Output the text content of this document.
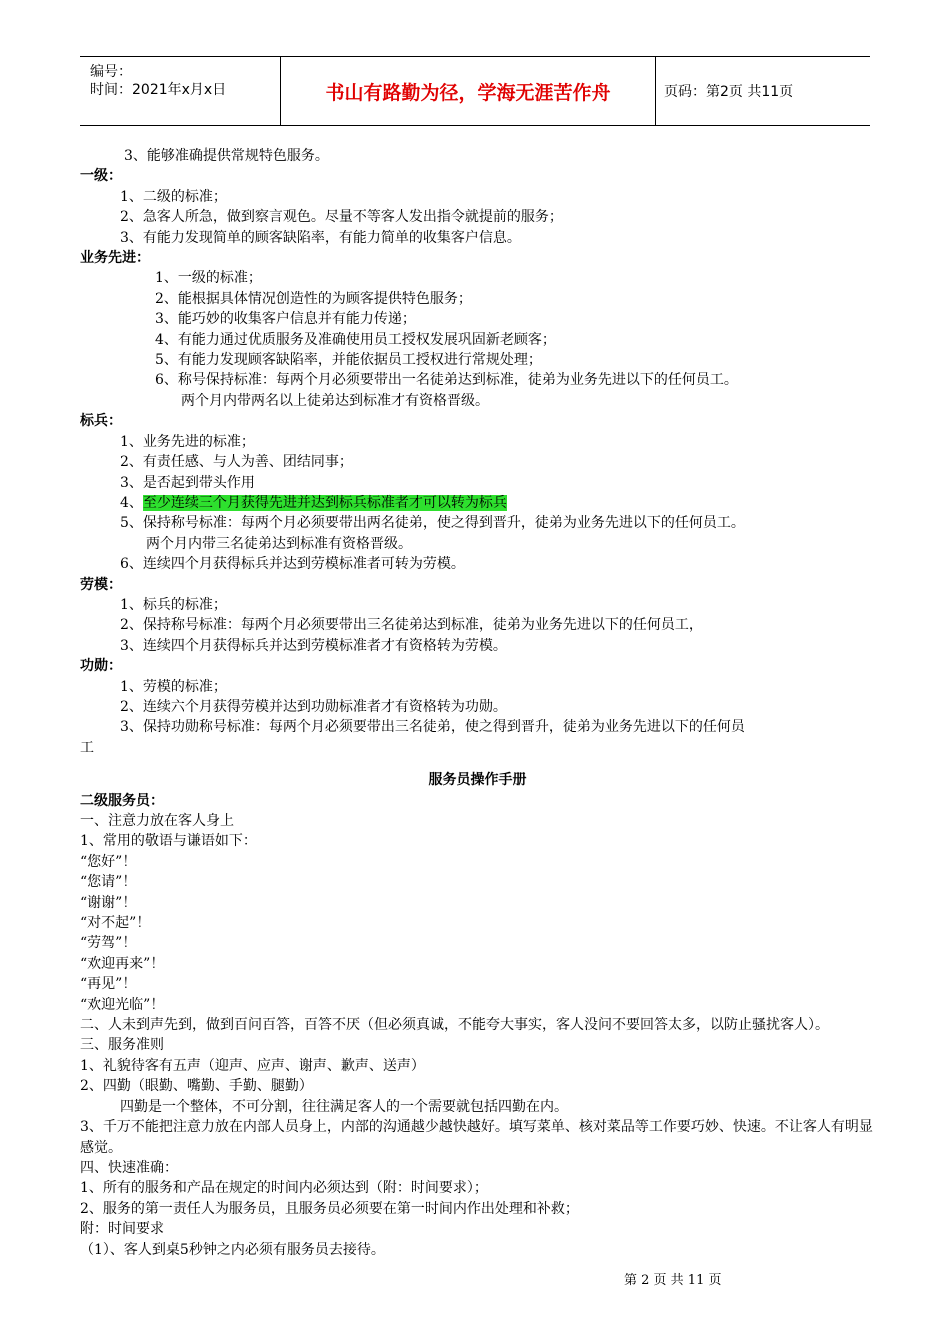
编号：
时间：2021年x月x日	书山有路勤为径，学海无涯苦作舟	页码：第2页 共11页

3、能够准确提供常规特色服务。

一级：

1、二级的标准；

2、急客人所急，做到察言观色。尽量不等客人发出指令就提前的服务；

3、有能力发现简单的顾客缺陷率，有能力简单的收集客户信息。

业务先进：

1、一级的标准；

2、能根据具体情况创造性的为顾客提供特色服务；

3、能巧妙的收集客户信息并有能力传递；

4、有能力通过优质服务及准确使用员工授权发展巩固新老顾客；

5、有能力发现顾客缺陷率，并能依据员工授权进行常规处理；

6、称号保持标准：每两个月必须要带出一名徒弟达到标准，徒弟为业务先进以下的任何员工。

两个月内带两名以上徒弟达到标准才有资格晋级。

标兵：

1、业务先进的标准；

2、有责任感、与人为善、团结同事；

3、是否起到带头作用

4、至少连续三个月获得先进并达到标兵标准者才可以转为标兵

5、保持称号标准：每两个月必须要带出两名徒弟，使之得到晋升，徒弟为业务先进以下的任何员工。

两个月内带三名徒弟达到标准有资格晋级。

6、连续四个月获得标兵并达到劳模标准者可转为劳模。

劳模：

1、标兵的标准；

2、保持称号标准：每两个月必须要带出三名徒弟达到标准，徒弟为业务先进以下的任何员工，

3、连续四个月获得标兵并达到劳模标准者才有资格转为劳模。

功勋：

1、劳模的标准；

2、连续六个月获得劳模并达到功勋标准者才有资格转为功勋。

3、保持功勋称号标准：每两个月必须要带出三名徒弟，使之得到晋升，徒弟为业务先进以下的任何员

工

服务员操作手册

二级服务员：

一、注意力放在客人身上

1、常用的敬语与谦语如下：

“您好”！

“您请”！

“谢谢”！

“对不起”！

“劳驾”！

“欢迎再来”！

“再见”！

“欢迎光临”！

二、人未到声先到，做到百问百答，百答不厌（但必须真诚，不能夸大事实，客人没问不要回答太多，以防止骚扰客人）。

三、服务准则

1、礼貌待客有五声（迎声、应声、谢声、歉声、送声）

2、四勤（眼勤、嘴勤、手勤、腿勤）

四勤是一个整体，不可分割，往往满足客人的一个需要就包括四勤在内。

3、千万不能把注意力放在内部人员身上，内部的沟通越少越快越好。填写菜单、核对菜品等工作要巧妙、快速。不让客人有明显感觉。

四、快速准确：

1、所有的服务和产品在规定的时间内必须达到（附：时间要求）；

2、服务的第一责任人为服务员，且服务员必须要在第一时间内作出处理和补救；

附：时间要求

（1）、客人到桌5秒钟之内必须有服务员去接待。

第 2 页 共 11 页
